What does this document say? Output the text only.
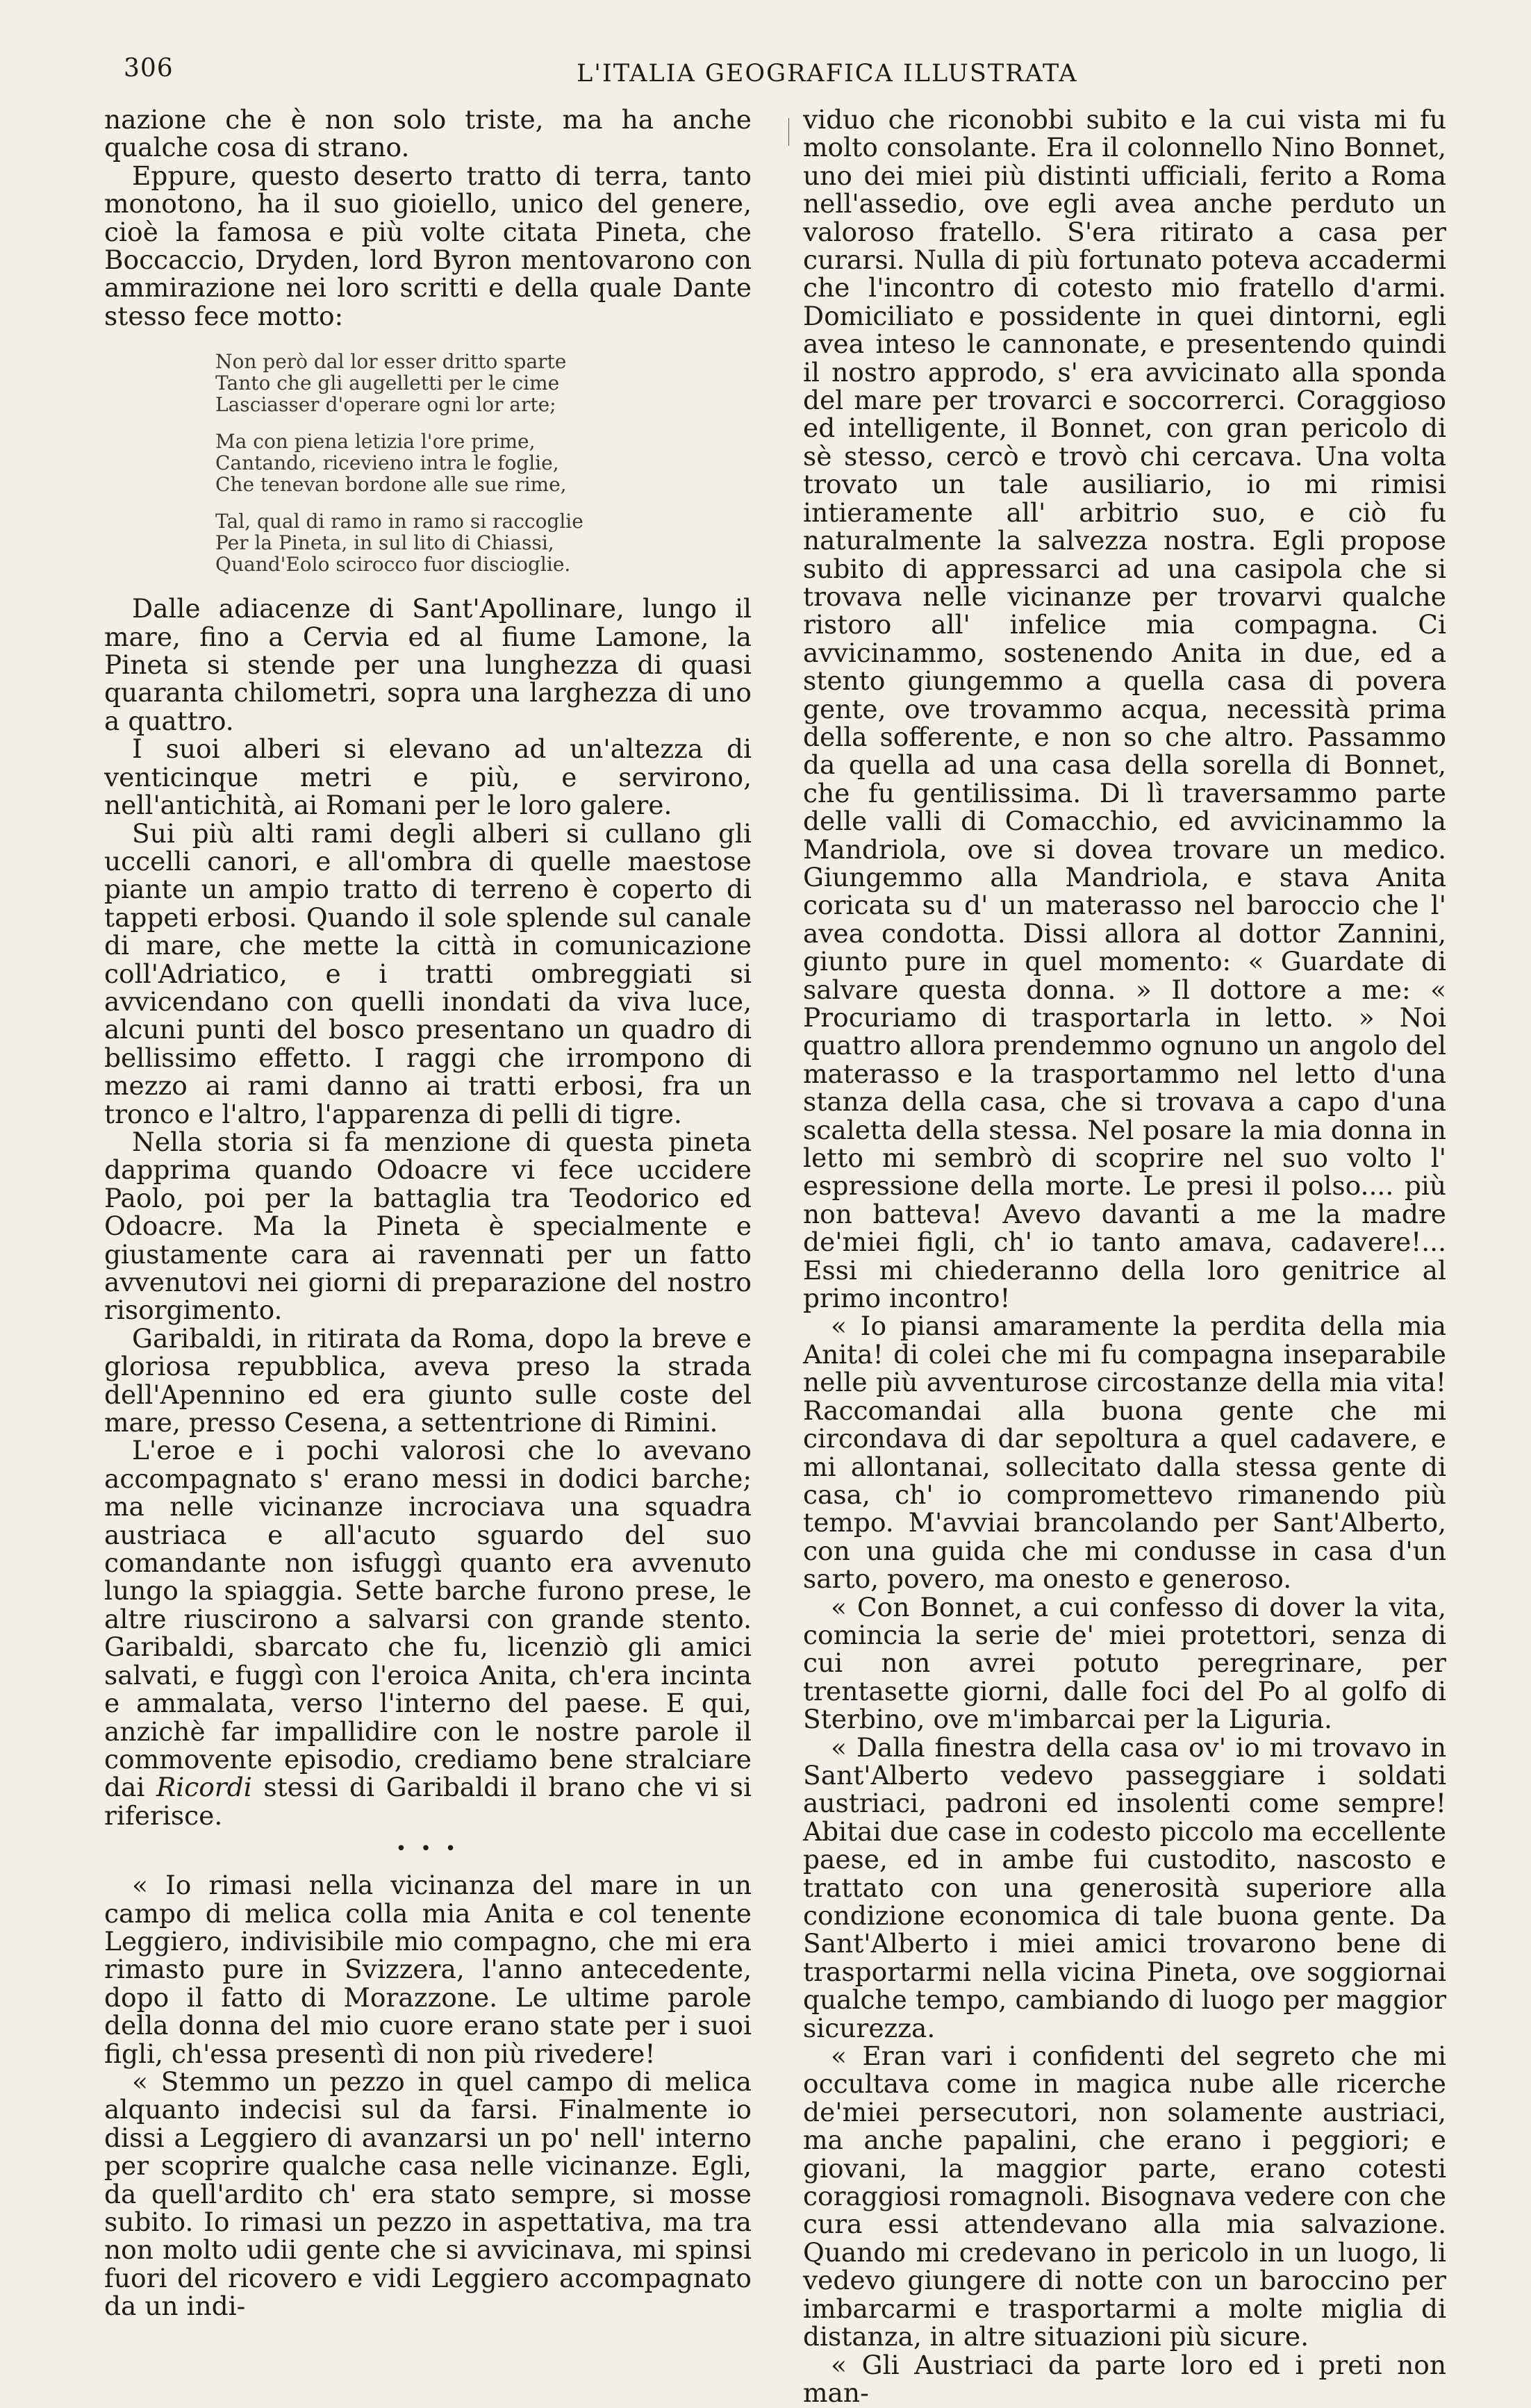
306	L'ITALIA GEOGRAFICA ILLUSTRATA

nazione che è non solo triste, ma ha anche qualche cosa di strano.

Eppure, questo deserto tratto di terra, tanto monotono, ha il suo gioiello, unico del genere, cioè la famosa e più volte citata Pineta, che Boccaccio, Dryden, lord Byron mentovarono con ammirazione nei loro scritti e della quale Dante stesso fece motto:

Non però dal lor esser dritto sparte
Tanto che gli augelletti per le cime
Lasciasser d'operare ogni lor arte;
Ma con piena letizia l'ore prime,
Cantando, ricevieno intra le foglie,
Che tenevan bordone alle sue rime,
Tal, qual di ramo in ramo si raccoglie
Per la Pineta, in sul lito di Chiassi,
Quand'Eolo scirocco fuor discioglie.

Dalle adiacenze di Sant'Apollinare, lungo il mare, fino a Cervia ed al fiume Lamone, la Pineta si stende per una lunghezza di quasi quaranta chilometri, sopra una larghezza di uno a quattro.

I suoi alberi si elevano ad un'altezza di venticinque metri e più, e servirono, nell'antichità, ai Romani per le loro galere.

Sui più alti rami degli alberi si cullano gli uccelli canori, e all'ombra di quelle maestose piante un ampio tratto di terreno è coperto di tappeti erbosi. Quando il sole splende sul canale di mare, che mette la città in comunicazione coll'Adriatico, e i tratti ombreggiati si avvicendano con quelli inondati da viva luce, alcuni punti del bosco presentano un quadro di bellissimo effetto. I raggi che irrompono di mezzo ai rami danno ai tratti erbosi, fra un tronco e l'altro, l'apparenza di pelli di tigre.

Nella storia si fa menzione di questa pineta dapprima quando Odoacre vi fece uccidere Paolo, poi per la battaglia tra Teodorico ed Odoacre. Ma la Pineta è specialmente e giustamente cara ai ravennati per un fatto avvenutovi nei giorni di preparazione del nostro risorgimento.

Garibaldi, in ritirata da Roma, dopo la breve e gloriosa repubblica, aveva preso la strada dell'Apennino ed era giunto sulle coste del mare, presso Cesena, a settentrione di Rimini.

L'eroe e i pochi valorosi che lo avevano accompagnato s' erano messi in dodici barche; ma nelle vicinanze incrociava una squadra austriaca e all'acuto sguardo del suo comandante non isfuggì quanto era avvenuto lungo la spiaggia. Sette barche furono prese, le altre riuscirono a salvarsi con grande stento. Garibaldi, sbarcato che fu, licenziò gli amici salvati, e fuggì con l'eroica Anita, ch'era incinta e ammalata, verso l'interno del paese. E qui, anzichè far impallidire con le nostre parole il commovente episodio, crediamo bene stralciare dai Ricordi stessi di Garibaldi il brano che vi si riferisce.

• • •

« Io rimasi nella vicinanza del mare in un campo di melica colla mia Anita e col tenente Leggiero, indivisibile mio compagno, che mi era rimasto pure in Svizzera, l'anno antecedente, dopo il fatto di Morazzone. Le ultime parole della donna del mio cuore erano state per i suoi figli, ch'essa presentì di non più rivedere!

« Stemmo un pezzo in quel campo di melica alquanto indecisi sul da farsi. Finalmente io dissi a Leggiero di avanzarsi un po' nell' interno per scoprire qualche casa nelle vicinanze. Egli, da quell'ardito ch' era stato sempre, si mosse subito. Io rimasi un pezzo in aspettativa, ma tra non molto udii gente che si avvicinava, mi spinsi fuori del ricovero e vidi Leggiero accompagnato da un indi-

viduo che riconobbi subito e la cui vista mi fu molto consolante. Era il colonnello Nino Bonnet, uno dei miei più distinti ufficiali, ferito a Roma nell'assedio, ove egli avea anche perduto un valoroso fratello. S'era ritirato a casa per curarsi. Nulla di più fortunato poteva accadermi che l'incontro di cotesto mio fratello d'armi. Domiciliato e possidente in quei dintorni, egli avea inteso le cannonate, e presentendo quindi il nostro approdo, s' era avvicinato alla sponda del mare per trovarci e soccorrerci. Coraggioso ed intelligente, il Bonnet, con gran pericolo di sè stesso, cercò e trovò chi cercava. Una volta trovato un tale ausiliario, io mi rimisi intieramente all' arbitrio suo, e ciò fu naturalmente la salvezza nostra. Egli propose subito di appressarci ad una casipola che si trovava nelle vicinanze per trovarvi qualche ristoro all' infelice mia compagna. Ci avvicinammo, sostenendo Anita in due, ed a stento giungemmo a quella casa di povera gente, ove trovammo acqua, necessità prima della sofferente, e non so che altro. Passammo da quella ad una casa della sorella di Bonnet, che fu gentilissima. Di lì traversammo parte delle valli di Comacchio, ed avvicinammo la Mandriola, ove si dovea trovare un medico. Giungemmo alla Mandriola, e stava Anita coricata su d' un materasso nel baroccio che l' avea condotta. Dissi allora al dottor Zannini, giunto pure in quel momento: « Guardate di salvare questa donna. » Il dottore a me: « Procuriamo di trasportarla in letto. » Noi quattro allora prendemmo ognuno un angolo del materasso e la trasportammo nel letto d'una stanza della casa, che si trovava a capo d'una scaletta della stessa. Nel posare la mia donna in letto mi sembrò di scoprire nel suo volto l' espressione della morte. Le presi il polso.... più non batteva! Avevo davanti a me la madre de'miei figli, ch' io tanto amava, cadavere!... Essi mi chiederanno della loro genitrice al primo incontro!

« Io piansi amaramente la perdita della mia Anita! di colei che mi fu compagna inseparabile nelle più avventurose circostanze della mia vita! Raccomandai alla buona gente che mi circondava di dar sepoltura a quel cadavere, e mi allontanai, sollecitato dalla stessa gente di casa, ch' io compromettevo rimanendo più tempo. M'avviai brancolando per Sant'Alberto, con una guida che mi condusse in casa d'un sarto, povero, ma onesto e generoso.

« Con Bonnet, a cui confesso di dover la vita, comincia la serie de' miei protettori, senza di cui non avrei potuto peregrinare, per trentasette giorni, dalle foci del Po al golfo di Sterbino, ove m'imbarcai per la Liguria.

« Dalla finestra della casa ov' io mi trovavo in Sant'Alberto vedevo passeggiare i soldati austriaci, padroni ed insolenti come sempre! Abitai due case in codesto piccolo ma eccellente paese, ed in ambe fui custodito, nascosto e trattato con una generosità superiore alla condizione economica di tale buona gente. Da Sant'Alberto i miei amici trovarono bene di trasportarmi nella vicina Pineta, ove soggiornai qualche tempo, cambiando di luogo per maggior sicurezza.

« Eran vari i confidenti del segreto che mi occultava come in magica nube alle ricerche de'miei persecutori, non solamente austriaci, ma anche papalini, che erano i peggiori; e giovani, la maggior parte, erano cotesti coraggiosi romagnoli. Bisognava vedere con che cura essi attendevano alla mia salvazione. Quando mi credevano in pericolo in un luogo, li vedevo giungere di notte con un baroccino per imbarcarmi e trasportarmi a molte miglia di distanza, in altre situazioni più sicure.

« Gli Austriaci da parte loro ed i preti non man-
